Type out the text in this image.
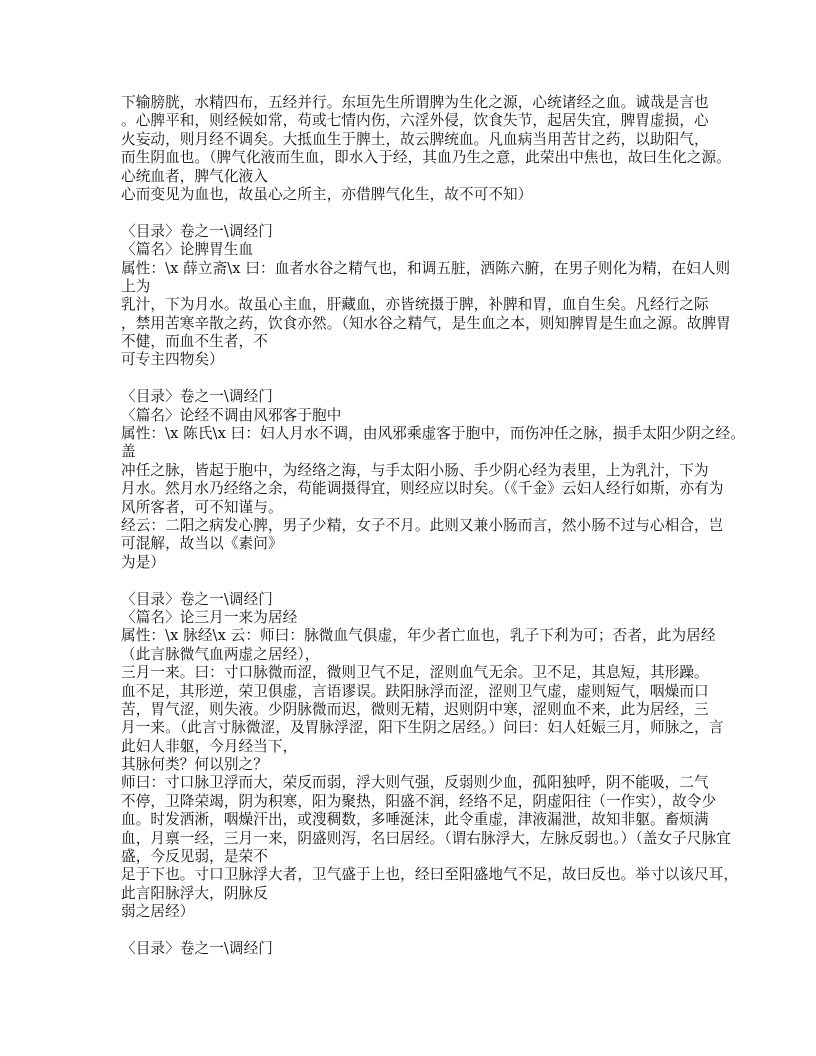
下输膀胱，水精四布，五经并行。东垣先生所谓脾为生化之源，心统诸经之血。诚哉是言也
。心脾平和，则经候如常，苟或七情内伤，六淫外侵，饮食失节，起居失宜，脾胃虚损，心
火妄动，则月经不调矣。大抵血生于脾土，故云脾统血。凡血病当用苦甘之药，以助阳气，
而生阴血也。（脾气化液而生血，即水入于经，其血乃生之意，此荣出中焦也，故曰生化之源。
心统血者，脾气化液入
心而变见为血也，故虽心之所主，亦借脾气化生，故不可不知）
〈目录〉卷之一\调经门
〈篇名〉论脾胃生血
属性：\x 薛立斋\x 曰：血者水谷之精气也，和调五脏，洒陈六腑，在男子则化为精，在妇人则
上为
乳汁，下为月水。故虽心主血，肝藏血，亦皆统摄于脾，补脾和胃，血自生矣。凡经行之际
，禁用苦寒辛散之药，饮食亦然。（知水谷之精气，是生血之本，则知脾胃是生血之源。故脾胃
不健，而血不生者，不
可专主四物矣）
〈目录〉卷之一\调经门
〈篇名〉论经不调由风邪客于胞中
属性：\x 陈氏\x 曰：妇人月水不调，由风邪乘虚客于胞中，而伤冲任之脉，损手太阳少阴之经。
盖
冲任之脉，皆起于胞中，为经络之海，与手太阳小肠、手少阴心经为表里，上为乳汁，下为
月水。然月水乃经络之余，苟能调摄得宜，则经应以时矣。（《千金》云妇人经行如斯，亦有为
风所客者，可不知谨与。
经云：二阳之病发心脾，男子少精，女子不月。此则又兼小肠而言，然小肠不过与心相合，岂
可混解，故当以《素问》
为是）
〈目录〉卷之一\调经门
〈篇名〉论三月一来为居经
属性：\x 脉经\x 云：师曰：脉微血气俱虚，年少者亡血也，乳子下利为可；否者，此为居经
（此言脉微气血两虚之居经），
三月一来。曰：寸口脉微而涩，微则卫气不足，涩则血气无余。卫不足，其息短，其形躁。
血不足，其形逆，荣卫俱虚，言语谬误。趺阳脉浮而涩，涩则卫气虚，虚则短气，咽燥而口
苦，胃气涩，则失液。少阴脉微而迟，微则无精，迟则阴中寒，涩则血不来，此为居经，三
月一来。（此言寸脉微涩，及胃脉浮涩，阳下生阴之居经。）问曰：妇人妊娠三月，师脉之，言
此妇人非躯，今月经当下，
其脉何类？何以别之？
师曰：寸口脉卫浮而大，荣反而弱，浮大则气强，反弱则少血，孤阳独呼，阴不能吸，二气
不停，卫降荣竭，阴为积寒，阳为聚热，阳盛不润，经络不足，阴虚阳往（一作实），故令少
血。时发洒淅，咽燥汗出，或溲稠数，多唾涎沫，此令重虚，津液漏泄，故知非躯。畜烦满
血，月禀一经，三月一来，阴盛则泻，名曰居经。（谓右脉浮大，左脉反弱也。）（盖女子尺脉宜
盛，今反见弱，是荣不
足于下也。寸口卫脉浮大者，卫气盛于上也，经曰至阳盛地气不足，故曰反也。举寸以该尺耳，
此言阳脉浮大，阴脉反
弱之居经）
〈目录〉卷之一\调经门
